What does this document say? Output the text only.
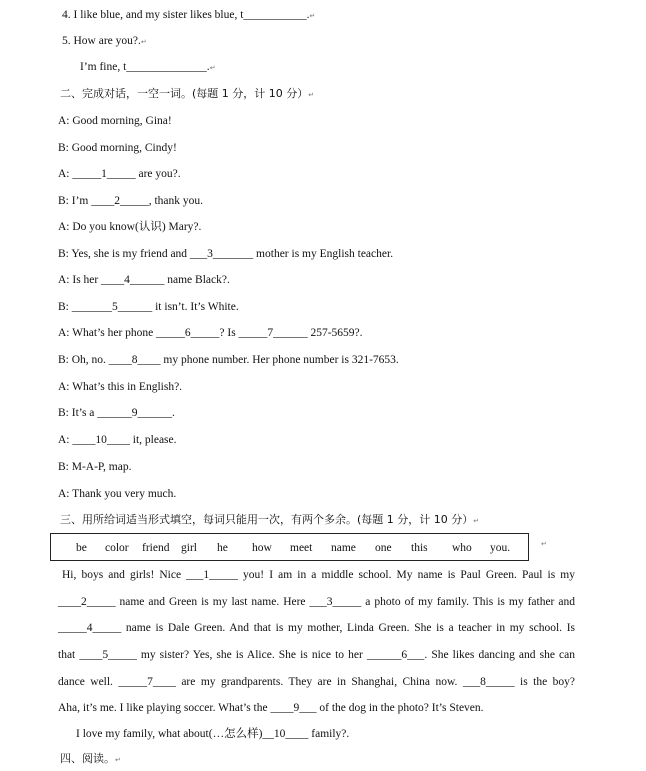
4. I like blue, and my sister likes blue, t___________.↵
5. How are you?.↵
I’m fine, t______________.↵
二、完成对话，一空一词。(每题 1 分，计 10 分）↵
A: Good morning, Gina!
B: Good morning, Cindy!
A: _____1_____ are you?.
B: I’m ____2_____, thank you.
A: Do you know(认识) Mary?.
B: Yes, she is my friend and ___3_______ mother is my English teacher.
A: Is her ____4______ name Black?.
B: _______5______ it isn’t. It’s White.
A: What’s her phone _____6_____? Is _____7______ 257-5659?.
B: Oh, no. ____8____ my phone number. Her phone number is 321-7653.
A: What’s this in English?.
B: It’s a ______9______.
A: ____10____ it, please.
B: M-A-P, map.
A: Thank you very much.
三、用所给词适当形式填空，每词只能用一次，有两个多余。(每题 1 分，计 10 分）↵
be color friend girl he how meet name one this who you.	↵
Hi, boys and girls! Nice ___1_____ you! I am in a middle school. My name is Paul Green. Paul is my
____2_____ name and Green is my last name. Here ___3_____ a photo of my family. This is my father and
_____4_____ name is Dale Green. And that is my mother, Linda Green. She is a teacher in my school. Is
that ____5_____ my sister? Yes, she is Alice. She is nice to her ______6___. She likes dancing and she can
dance well. _____7____ are my grandparents. They are in Shanghai, China now. ___8_____ is the boy?
Aha, it’s me. I like playing soccer. What’s the ____9___ of the dog in the photo? It’s Steven.
I love my family, what about(…怎么样)__10____ family?.
四、阅读。↵
